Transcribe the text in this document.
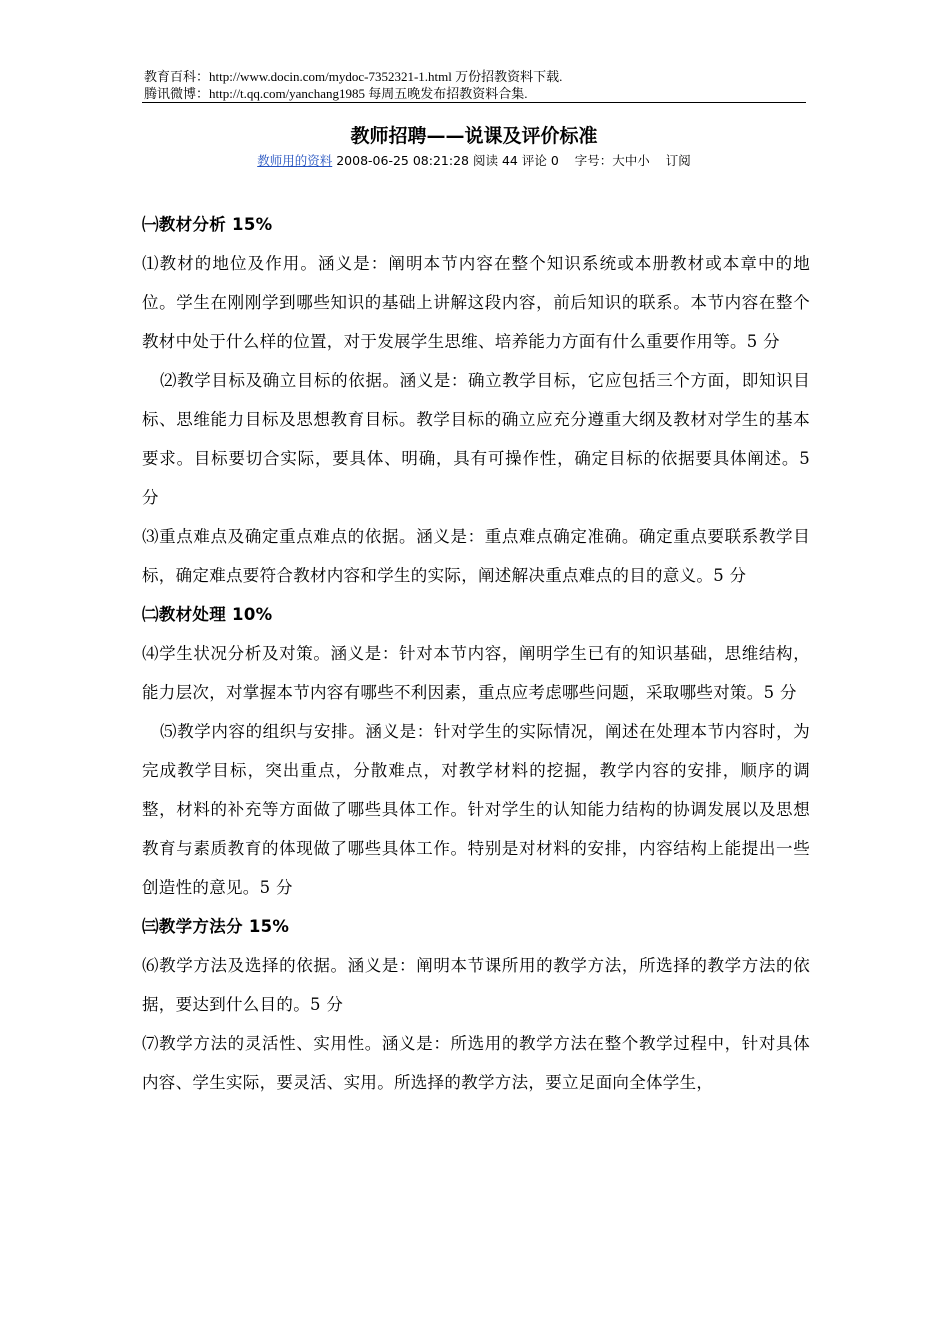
教育百科：http://www.docin.com/mydoc-7352321-1.html 万份招教资料下载.
腾讯微博：http://t.qq.com/yanchang1985 每周五晚发布招教资料合集.
教师招聘——说课及评价标准
教师用的资料 2008-06-25 08:21:28 阅读 44 评论 0 字号：大中小 订阅

㈠教材分析 15%

⑴教材的地位及作用。涵义是：阐明本节内容在整个知识系统或本册教材或本章中的地位。学生在刚刚学到哪些知识的基础上讲解这段内容，前后知识的联系。本节内容在整个教材中处于什么样的位置，对于发展学生思维、培养能力方面有什么重要作用等。5 分

⑵教学目标及确立目标的依据。涵义是：确立教学目标，它应包括三个方面，即知识目标、思维能力目标及思想教育目标。教学目标的确立应充分遵重大纲及教材对学生的基本要求。目标要切合实际，要具体、明确，具有可操作性，确定目标的依据要具体阐述。5 分

⑶重点难点及确定重点难点的依据。涵义是：重点难点确定准确。确定重点要联系教学目标，确定难点要符合教材内容和学生的实际，阐述解决重点难点的目的意义。5 分

㈡教材处理 10%

⑷学生状况分析及对策。涵义是：针对本节内容，阐明学生已有的知识基础，思维结构，能力层次，对掌握本节内容有哪些不利因素，重点应考虑哪些问题，采取哪些对策。5 分

⑸教学内容的组织与安排。涵义是：针对学生的实际情况，阐述在处理本节内容时，为完成教学目标，突出重点，分散难点，对教学材料的挖掘，教学内容的安排，顺序的调整，材料的补充等方面做了哪些具体工作。针对学生的认知能力结构的协调发展以及思想教育与素质教育的体现做了哪些具体工作。特别是对材料的安排，内容结构上能提出一些创造性的意见。5 分

㈢教学方法分 15%

⑹教学方法及选择的依据。涵义是：阐明本节课所用的教学方法，所选择的教学方法的依据，要达到什么目的。5 分

⑺教学方法的灵活性、实用性。涵义是：所选用的教学方法在整个教学过程中，针对具体内容、学生实际，要灵活、实用。所选择的教学方法，要立足面向全体学生，
